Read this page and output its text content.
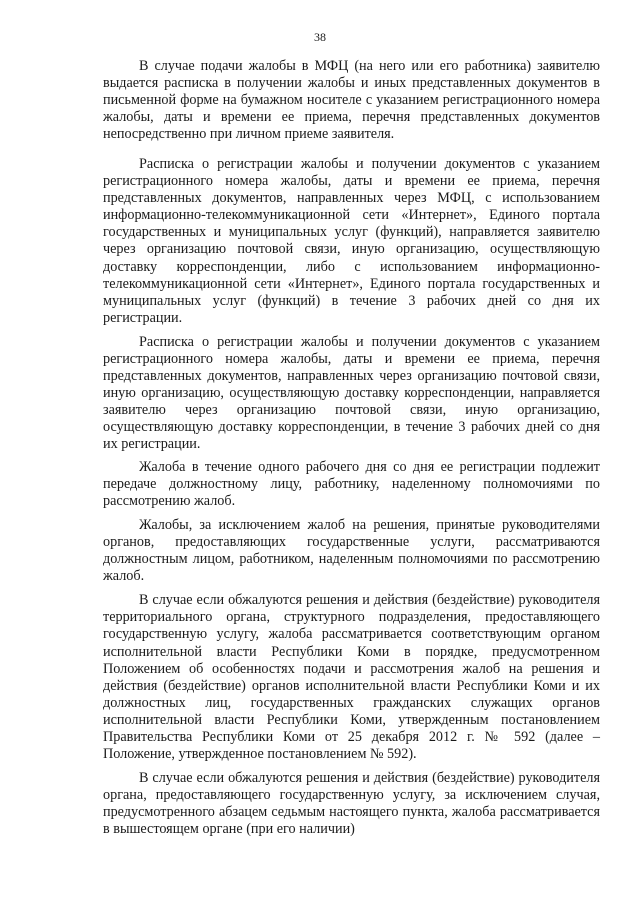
38

В случае подачи жалобы в МФЦ (на него или его работника) заявителю выдается расписка в получении жалобы и иных представленных документов в письменной форме на бумажном носителе с указанием регистрационного номера жалобы, даты и времени ее приема, перечня представленных документов непосредственно при личном приеме заявителя.

Расписка о регистрации жалобы и получении документов с указанием регистрационного номера жалобы, даты и времени ее приема, перечня представленных документов, направленных через МФЦ, с использованием информационно-телекоммуникационной сети «Интернет», Единого портала государственных и муниципальных услуг (функций), направляется заявителю через организацию почтовой связи, иную организацию, осуществляющую доставку корреспонденции, либо с использованием информационно-телекоммуникационной сети «Интернет», Единого портала государственных и муниципальных услуг (функций) в течение 3 рабочих дней со дня их регистрации.

Расписка о регистрации жалобы и получении документов с указанием регистрационного номера жалобы, даты и времени ее приема, перечня представленных документов, направленных через организацию почтовой связи, иную организацию, осуществляющую доставку корреспонденции, направляется заявителю через организацию почтовой связи, иную организацию, осуществляющую доставку корреспонденции, в течение 3 рабочих дней со дня их регистрации.

Жалоба в течение одного рабочего дня со дня ее регистрации подлежит передаче должностному лицу, работнику, наделенному полномочиями по рассмотрению жалоб.

Жалобы, за исключением жалоб на решения, принятые руководителями органов, предоставляющих государственные услуги, рассматриваются должностным лицом, работником, наделенным полномочиями по рассмотрению жалоб.

В случае если обжалуются решения и действия (бездействие) руководителя территориального органа, структурного подразделения, предоставляющего государственную услугу, жалоба рассматривается соответствующим органом исполнительной власти Республики Коми в порядке, предусмотренном Положением об особенностях подачи и рассмотрения жалоб на решения и действия (бездействие) органов исполнительной власти Республики Коми и их должностных лиц, государственных гражданских служащих органов исполнительной власти Республики Коми, утвержденным постановлением Правительства Республики Коми от 25 декабря 2012 г. № 592 (далее – Положение, утвержденное постановлением № 592).

В случае если обжалуются решения и действия (бездействие) руководителя органа, предоставляющего государственную услугу, за исключением случая, предусмотренного абзацем седьмым настоящего пункта, жалоба рассматривается в вышестоящем органе (при его наличии)
